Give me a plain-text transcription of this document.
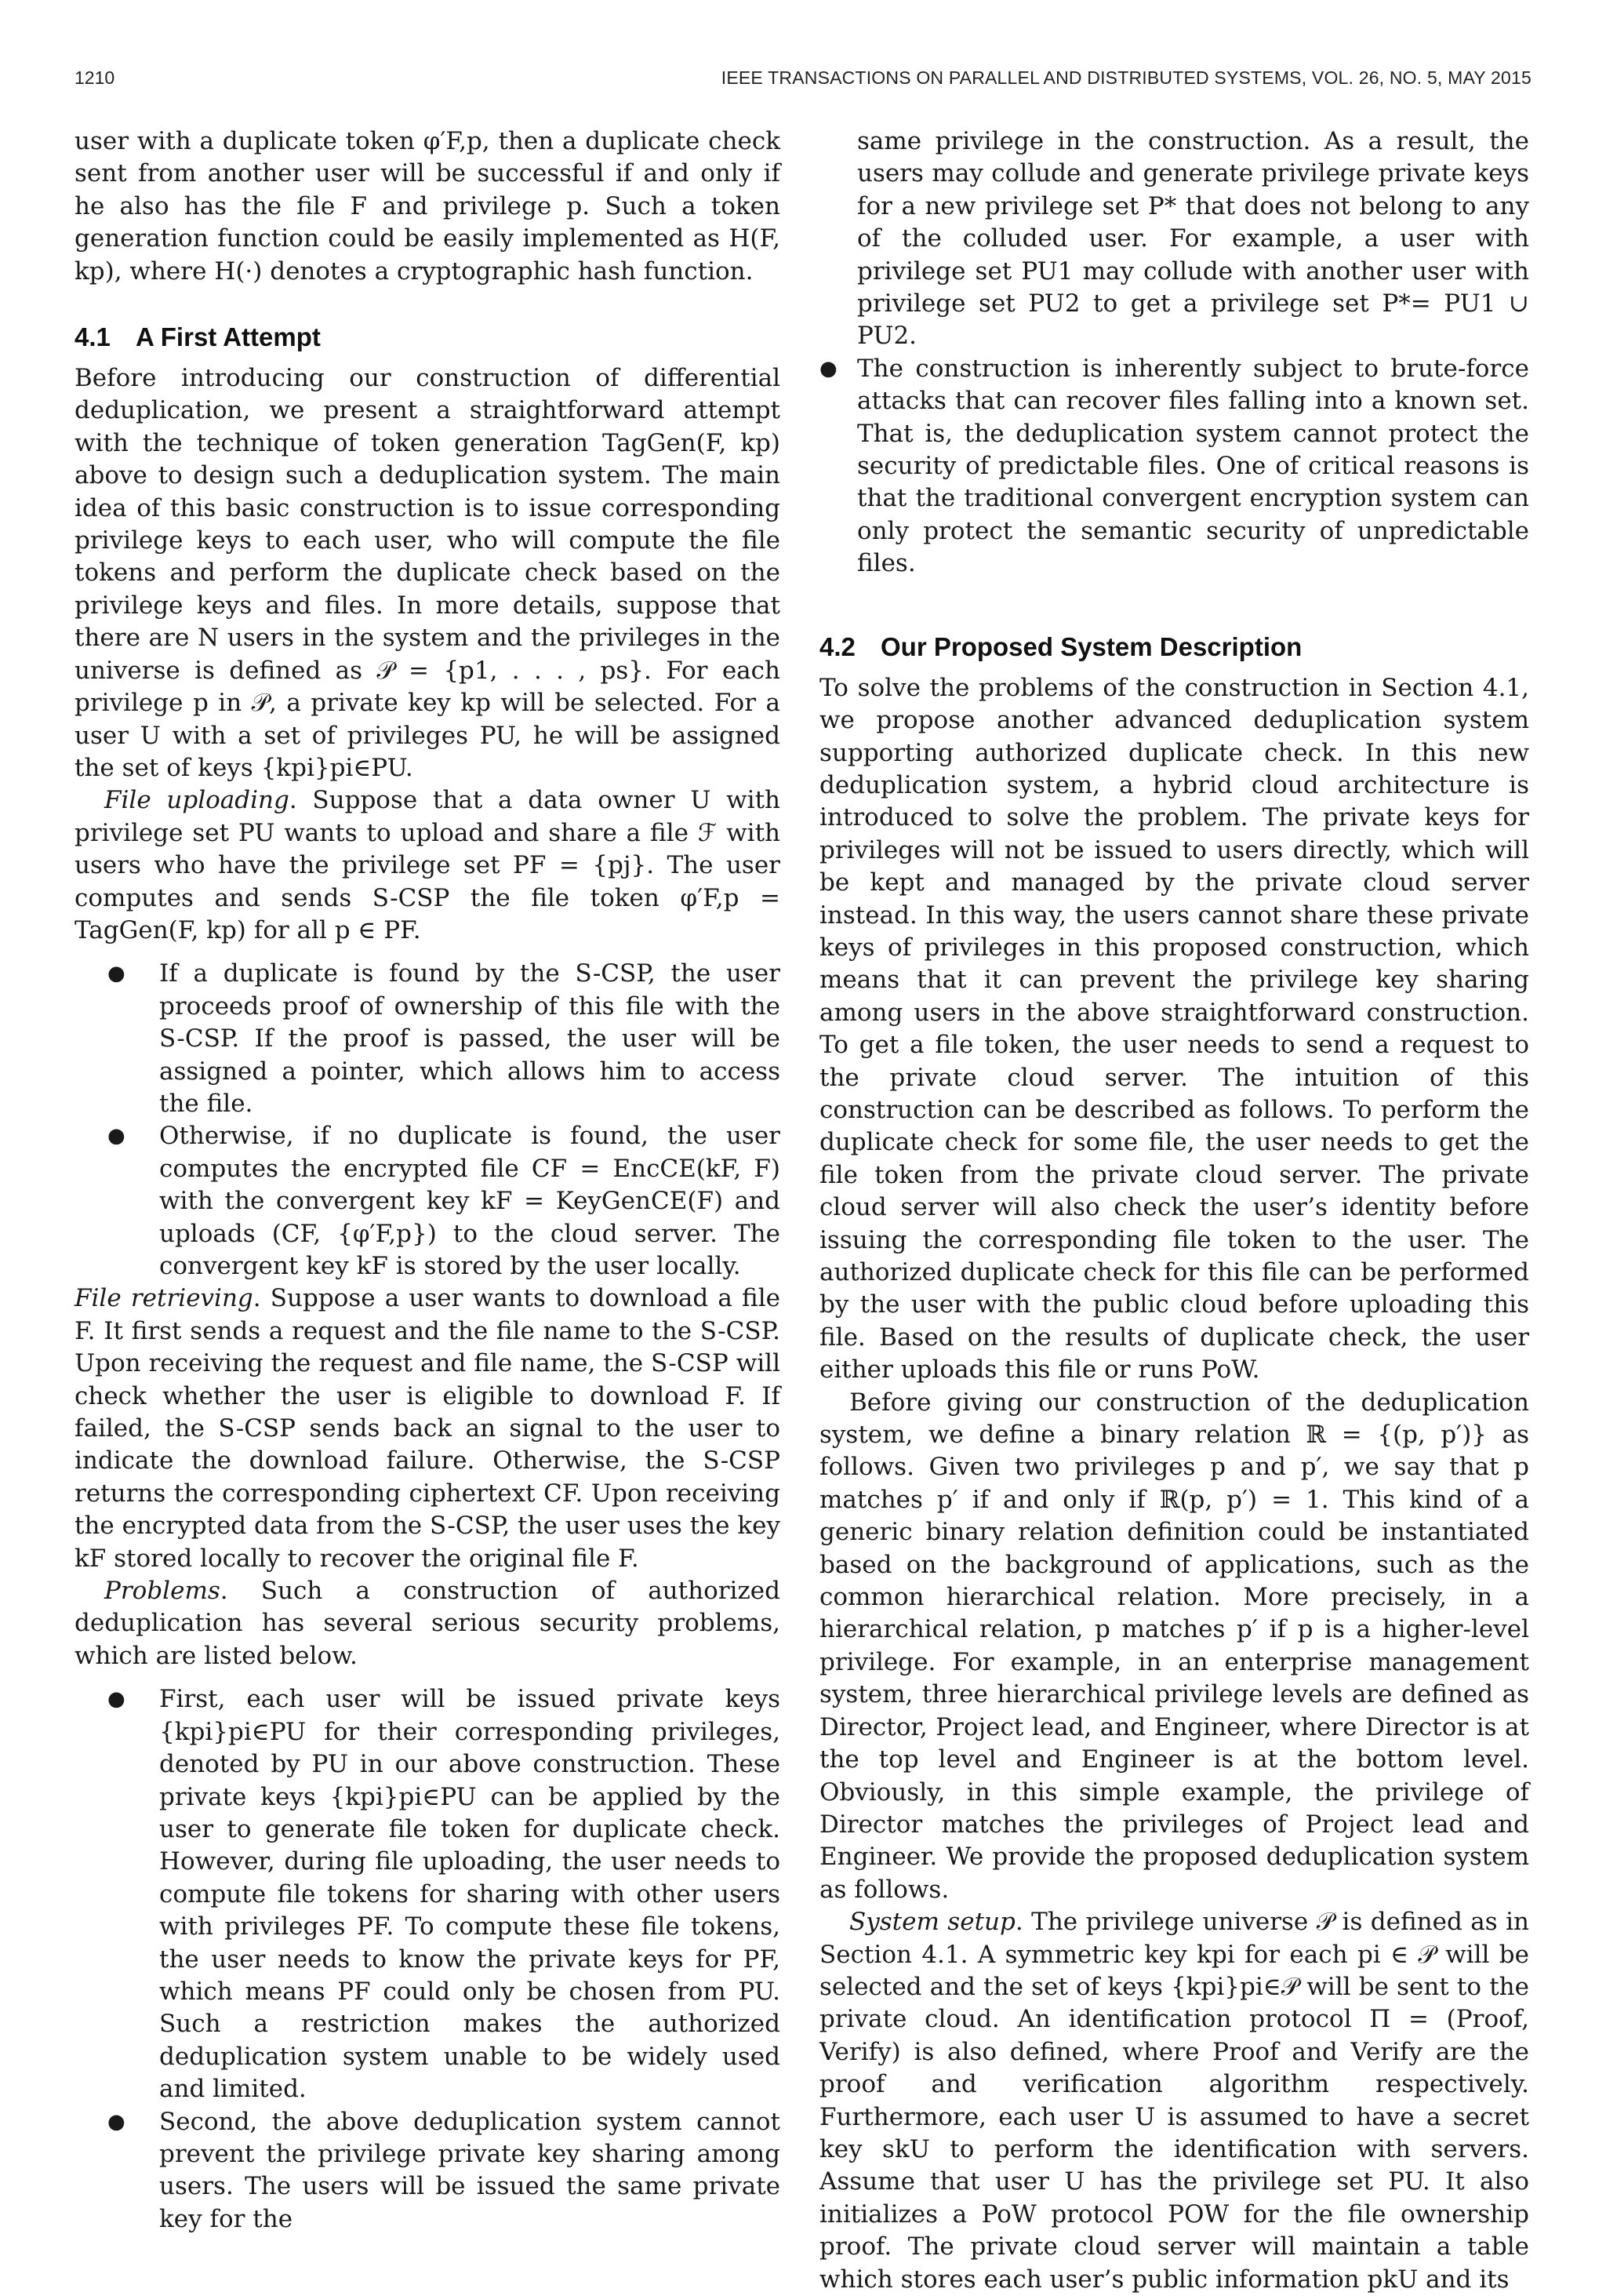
1210	IEEE TRANSACTIONS ON PARALLEL AND DISTRIBUTED SYSTEMS, VOL. 26, NO. 5, MAY 2015

user with a duplicate token φ′F,p, then a duplicate check sent from another user will be successful if and only if he also has the file F and privilege p. Such a token generation function could be easily implemented as H(F, kp), where H(·) denotes a cryptographic hash function.

4.1 A First Attempt

Before introducing our construction of differential deduplication, we present a straightforward attempt with the technique of token generation TagGen(F, kp) above to design such a deduplication system. The main idea of this basic construction is to issue corresponding privilege keys to each user, who will compute the file tokens and perform the duplicate check based on the privilege keys and files. In more details, suppose that there are N users in the system and the privileges in the universe is defined as 𝒫 = {p1, . . . , ps}. For each privilege p in 𝒫, a private key kp will be selected. For a user U with a set of privileges PU, he will be assigned the set of keys {kpi}pi∈PU.

File uploading. Suppose that a data owner U with privilege set PU wants to upload and share a file ℱ with users who have the privilege set PF = {pj}. The user computes and sends S-CSP the file token φ′F,p = TagGen(F, kp) for all p ∈ PF.

● If a duplicate is found by the S-CSP, the user proceeds proof of ownership of this file with the S-CSP. If the proof is passed, the user will be assigned a pointer, which allows him to access the file.
● Otherwise, if no duplicate is found, the user computes the encrypted file CF = EncCE(kF, F) with the convergent key kF = KeyGenCE(F) and uploads (CF, {φ′F,p}) to the cloud server. The convergent key kF is stored by the user locally.

File retrieving. Suppose a user wants to download a file F. It first sends a request and the file name to the S-CSP. Upon receiving the request and file name, the S-CSP will check whether the user is eligible to download F. If failed, the S-CSP sends back an signal to the user to indicate the download failure. Otherwise, the S-CSP returns the corresponding ciphertext CF. Upon receiving the encrypted data from the S-CSP, the user uses the key kF stored locally to recover the original file F.

Problems. Such a construction of authorized deduplication has several serious security problems, which are listed below.

● First, each user will be issued private keys {kpi}pi∈PU for their corresponding privileges, denoted by PU in our above construction. These private keys {kpi}pi∈PU can be applied by the user to generate file token for duplicate check. However, during file uploading, the user needs to compute file tokens for sharing with other users with privileges PF. To compute these file tokens, the user needs to know the private keys for PF, which means PF could only be chosen from PU. Such a restriction makes the authorized deduplication system unable to be widely used and limited.
● Second, the above deduplication system cannot prevent the privilege private key sharing among users. The users will be issued the same private key for the
same privilege in the construction. As a result, the users may collude and generate privilege private keys for a new privilege set P* that does not belong to any of the colluded user. For example, a user with privilege set PU1 may collude with another user with privilege set PU2 to get a privilege set P*= PU1 ∪ PU2.
● The construction is inherently subject to brute-force attacks that can recover files falling into a known set. That is, the deduplication system cannot protect the security of predictable files. One of critical reasons is that the traditional convergent encryption system can only protect the semantic security of unpredictable files.
4.2 Our Proposed System Description

To solve the problems of the construction in Section 4.1, we propose another advanced deduplication system supporting authorized duplicate check. In this new deduplication system, a hybrid cloud architecture is introduced to solve the problem. The private keys for privileges will not be issued to users directly, which will be kept and managed by the private cloud server instead. In this way, the users cannot share these private keys of privileges in this proposed construction, which means that it can prevent the privilege key sharing among users in the above straightforward construction. To get a file token, the user needs to send a request to the private cloud server. The intuition of this construction can be described as follows. To perform the duplicate check for some file, the user needs to get the file token from the private cloud server. The private cloud server will also check the user’s identity before issuing the corresponding file token to the user. The authorized duplicate check for this file can be performed by the user with the public cloud before uploading this file. Based on the results of duplicate check, the user either uploads this file or runs PoW.

Before giving our construction of the deduplication system, we define a binary relation ℝ = {(p, p′)} as follows. Given two privileges p and p′, we say that p matches p′ if and only if ℝ(p, p′) = 1. This kind of a generic binary relation definition could be instantiated based on the background of applications, such as the common hierarchical relation. More precisely, in a hierarchical relation, p matches p′ if p is a higher-level privilege. For example, in an enterprise management system, three hierarchical privilege levels are defined as Director, Project lead, and Engineer, where Director is at the top level and Engineer is at the bottom level. Obviously, in this simple example, the privilege of Director matches the privileges of Project lead and Engineer. We provide the proposed deduplication system as follows.

System setup. The privilege universe 𝒫 is defined as in Section 4.1. A symmetric key kpi for each pi ∈ 𝒫 will be selected and the set of keys {kpi}pi∈𝒫 will be sent to the private cloud. An identification protocol Π = (Proof, Verify) is also defined, where Proof and Verify are the proof and verification algorithm respectively. Furthermore, each user U is assumed to have a secret key skU to perform the identification with servers. Assume that user U has the privilege set PU. It also initializes a PoW protocol POW for the file ownership proof. The private cloud server will maintain a table which stores each user’s public information pkU and its
